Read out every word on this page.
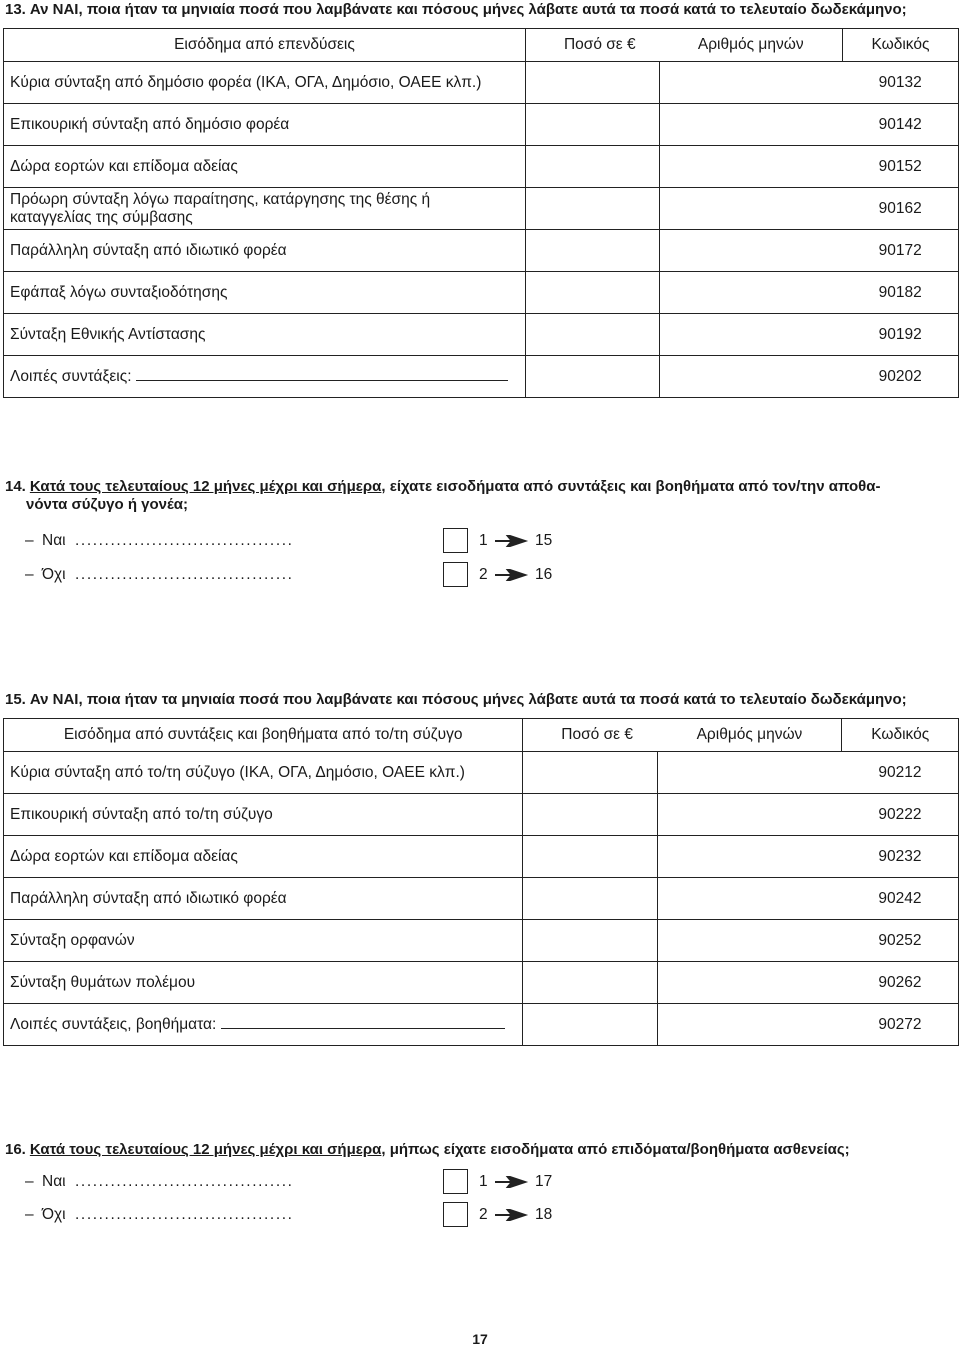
13. Αν ΝΑΙ, ποια ήταν τα μηνιαία ποσά που λαμβάνατε και πόσους μήνες λάβατε αυτά τα ποσά κατά το τελευταίο δωδεκάμηνο;
Εισόδημα από επενδύσεις	Ποσό σε €	Αριθμός μηνών	Κωδικός
Κύρια σύνταξη από δημόσιο φορέα (ΙΚΑ, ΟΓΑ, Δημόσιο, ΟΑΕΕ κλπ.)			90132
Επικουρική σύνταξη από δημόσιο φορέα			90142
Δώρα εορτών και επίδομα αδείας			90152

Πρόωρη σύνταξη λόγω παραίτησης, κατάργησης της θέσης ή
καταγγελίας της σύμβασης			90162
Παράλληλη σύνταξη από ιδιωτικό φορέα			90172
Εφάπαξ λόγω συνταξιοδότησης			90182
Σύνταξη Εθνικής Αντίστασης			90192
Λοιπές συντάξεις:			90202
14. Κατά τους τελευταίους 12 μήνες μέχρι και σήμερα, είχατε εισοδήματα από συντάξεις και βοηθήματα από τον/την αποθα-
νόντα σύζυγο ή γονέα;
– Ναι .....................................	1	15
– Όχι .....................................	2	16
15. Αν ΝΑΙ, ποια ήταν τα μηνιαία ποσά που λαμβάνατε και πόσους μήνες λάβατε αυτά τα ποσά κατά το τελευταίο δωδεκάμηνο;
Εισόδημα από συντάξεις και βοηθήματα από το/τη σύζυγο	Ποσό σε €	Αριθμός μηνών	Κωδικός
Κύρια σύνταξη από το/τη σύζυγο (ΙΚΑ, ΟΓΑ, Δημόσιο, ΟΑΕΕ κλπ.)			90212
Επικουρική σύνταξη από το/τη σύζυγο			90222
Δώρα εορτών και επίδομα αδείας			90232
Παράλληλη σύνταξη από ιδιωτικό φορέα			90242
Σύνταξη ορφανών			90252
Σύνταξη θυμάτων πολέμου			90262
Λοιπές συντάξεις, βοηθήματα:			90272
16. Κατά τους τελευταίους 12 μήνες μέχρι και σήμερα, μήπως είχατε εισοδήματα από επιδόματα/βοηθήματα ασθενείας;
– Ναι .....................................	1	17
– Όχι .....................................	2	18
17
